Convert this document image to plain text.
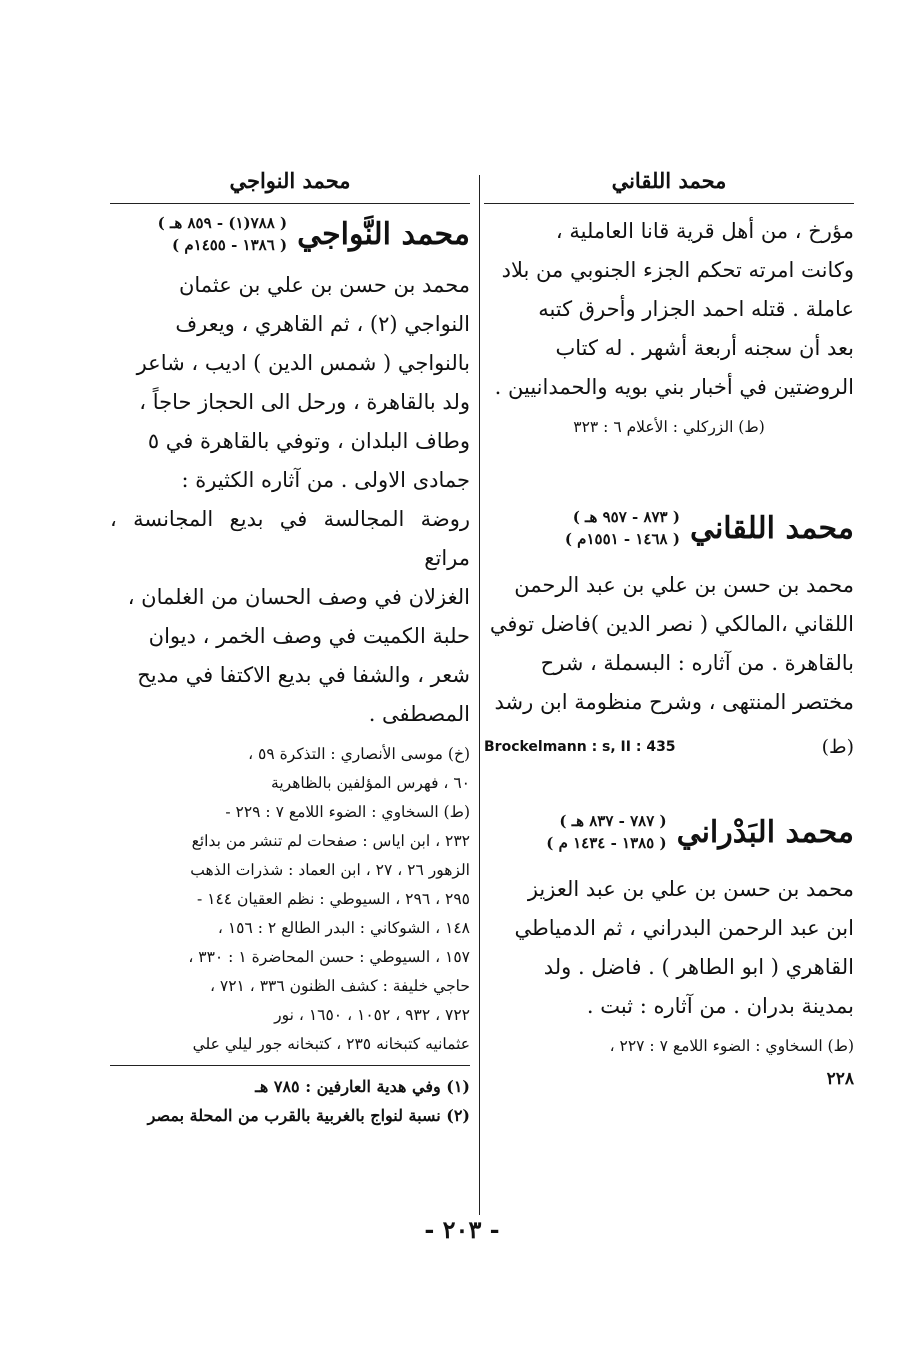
محمد اللقاني

مؤرخ ، من أهل قرية قانا العاملية ،

وكانت امرته تحكم الجزء الجنوبي من بلاد

عاملة . قتله احمد الجزار وأحرق كتبه

بعد أن سجنه أربعة أشهر . له كتاب

الروضتين في أخبار بني بويه والحمدانيين .

(ط) الزركلي : الأعلام ٦ : ٣٢٣

محمد اللقاني
( ٨٧٣ - ٩٥٧ هـ )
( ١٤٦٨ - ١٥٥١م )

محمد بن حسن بن علي بن عبد الرحمن

اللقاني ،المالكي ( نصر الدين )فاضل توفي

بالقاهرة . من آثاره : البسملة ، شرح

مختصر المنتهى ، وشرح منظومة ابن رشد

Brockelmann : s, II : 435	(ط)
محمد البَدْراني
( ٧٨٧ - ٨٣٧ هـ )
( ١٣٨٥ - ١٤٣٤ م )

محمد بن حسن بن علي بن عبد العزيز

ابن عبد الرحمن البدراني ، ثم الدمياطي

القاهري ( ابو الطاهر ) . فاضل . ولد

بمدينة بدران . من آثاره : ثبت .

(ط) السخاوي : الضوء اللامع ٧ : ٢٢٧ ،

٢٢٨
محمد النواجي
محمد النَّواجي
( ٧٨٨(١) - ٨٥٩ هـ )
( ١٣٨٦ - ١٤٥٥م )

محمد بن حسن بن علي بن عثمان

النواجي (٢) ، ثم القاهري ، ويعرف

بالنواجي ( شمس الدين ) اديب ، شاعر

ولد بالقاهرة ، ورحل الى الحجاز حاجاً ،

وطاف البلدان ، وتوفي بالقاهرة في ٥

جمادى الاولى . من آثاره الكثيرة :

روضة المجالسة في بديع المجانسة ، مراتع

الغزلان في وصف الحسان من الغلمان ،

حلبة الكميت في وصف الخمر ، ديوان

شعر ، والشفا في بديع الاكتفا في مديح

المصطفى .

(خ) موسى الأنصاري : التذكرة ٥٩ ،

٦٠ ، فهرس المؤلفين بالظاهرية

(ط) السخاوي : الضوء اللامع ٧ : ٢٢٩ -

٢٣٢ ، ابن اياس : صفحات لم تنشر من بدائع

الزهور ٢٦ ، ٢٧ ، ابن العماد : شذرات الذهب

٢٩٥ ، ٢٩٦ ، السيوطي : نظم العقيان ١٤٤ -

١٤٨ ، الشوكاني : البدر الطالع ٢ : ١٥٦ ،

١٥٧ ، السيوطي : حسن المحاضرة ١ : ٣٣٠ ،

حاجي خليفة : كشف الظنون ٣٣٦ ، ٧٢١ ،

٧٢٢ ، ٩٣٢ ، ١٠٥٢ ، ١٦٥٠ ، نور

عثمانيه كتبخانه ٢٣٥ ، كتبخانه جور ليلي علي

(١) وفي هدية العارفين : ٧٨٥ هـ

(٢) نسبة لنواج بالغربية بالقرب من المحلة بمصر

- ٢٠٣ -
